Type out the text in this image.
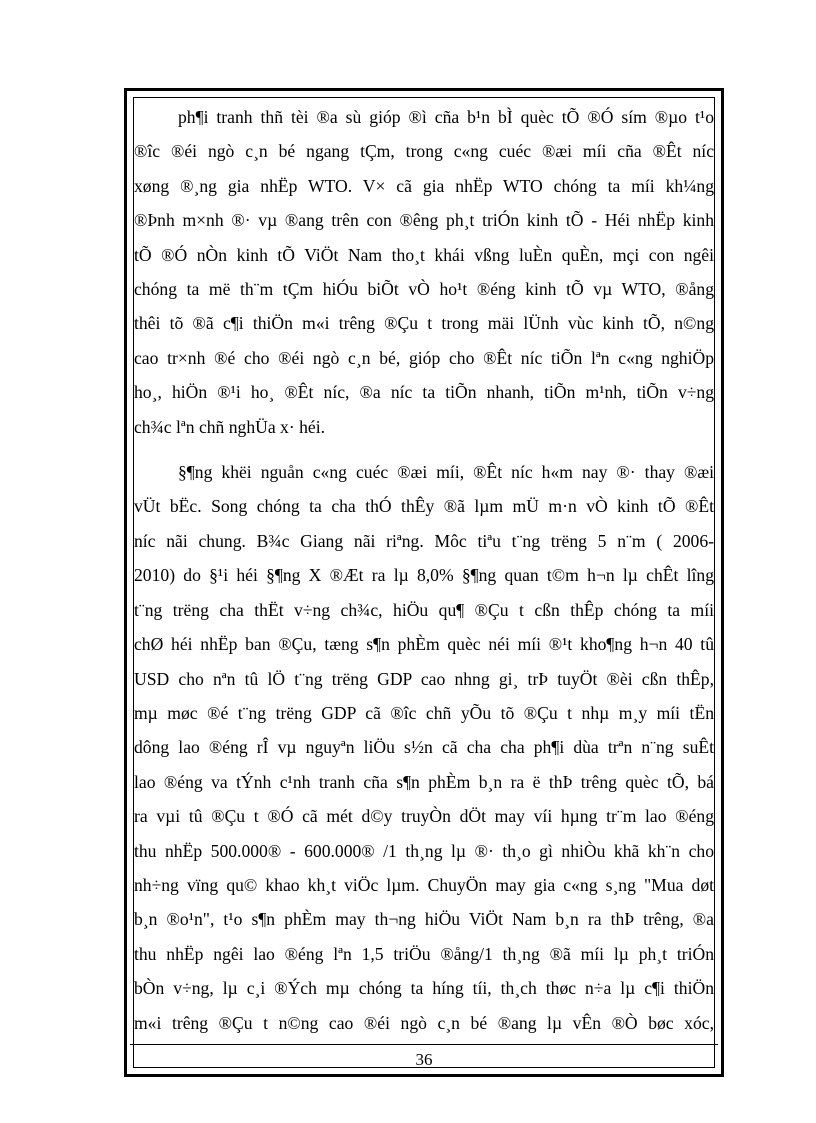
ph¶i tranh thñ tèi ®a sù gióp ®ì cña b¹n bÌ quèc tÕ ®Ó sím ®µo t¹o
®îc ®éi ngò c¸n bé ngang tÇm, trong c«ng cuéc ®æi míi cña ®Êt níc
xøng ®¸ng gia nhËp WTO. V× cã gia nhËp WTO chóng ta míi kh¼ng
®Þnh m×nh ®· vµ ®ang trên con ®êng ph¸t triÓn kinh tÕ - Héi nhËp kinh
tÕ ®Ó nÒn kinh tÕ ViÖt Nam tho¸t khái vßng luÈn quÈn, mçi con ngêi
chóng ta më th¨m tÇm hiÓu biÕt vÒ ho¹t ®éng kinh tÕ vµ WTO, ®ång
thêi tõ ®ã c¶i thiÖn m«i trêng ®Çu t trong mäi lÜnh vùc kinh tÕ, n©ng
cao tr×nh ®é cho ®éi ngò c¸n bé, gióp cho ®Êt níc tiÕn lªn c«ng nghiÖp
ho¸, hiÖn ®¹i ho¸ ®Êt níc, ®a níc ta tiÕn nhanh, tiÕn m¹nh, tiÕn v÷ng
ch¾c lªn chñ nghÜa x· héi.
§¶ng khëi nguån c«ng cuéc ®æi míi, ®Êt níc h«m nay ®· thay ®æi
vÜt bËc. Song chóng ta cha thÓ thÊy ®ã lµm mÜ m·n vÒ kinh tÕ ®Êt
níc nãi chung. B¾c Giang nãi riªng. Môc tiªu t¨ng trëng 5 n¨m ( 2006-
2010) do §¹i héi §¶ng X ®Æt ra lµ 8,0% §¶ng quan t©m h¬n lµ chÊt lîng
t¨ng trëng cha thËt v÷ng ch¾c, hiÖu qu¶ ®Çu t cßn thÊp chóng ta míi
chØ héi nhËp ban ®Çu, tæng s¶n phÈm quèc néi míi ®¹t kho¶ng h¬n 40 tû
USD cho nªn tû lÖ t¨ng trëng GDP cao nhng gi¸ trÞ tuyÖt ®èi cßn thÊp,
mµ møc ®é t¨ng trëng GDP cã ®îc chñ yÕu tõ ®Çu t nhµ m¸y míi tËn
dông lao ®éng rÎ vµ nguyªn liÖu s½n cã cha cha ph¶i dùa trªn n¨ng suÊt
lao ®éng va tÝnh c¹nh tranh cña s¶n phÈm b¸n ra ë thÞ trêng quèc tÕ, bá
ra vµi tû ®Çu t ®Ó cã mét d©y truyÒn dÖt may víi hµng tr¨m lao ®éng
thu nhËp 500.000® - 600.000® /1 th¸ng lµ ®· th¸o gì nhiÒu khã kh¨n cho
nh÷ng vïng qu© khao kh¸t viÖc lµm. ChuyÖn may gia c«ng s¸ng "Mua døt
b¸n ®o¹n", t¹o s¶n phÈm may th¬ng hiÖu ViÖt Nam b¸n ra thÞ trêng, ®a
thu nhËp ngêi lao ®éng lªn 1,5 triÖu ®ång/1 th¸ng ®ã míi lµ ph¸t triÓn
bÒn v÷ng, lµ c¸i ®Ých mµ chóng ta híng tíi, th¸ch thøc n÷a lµ c¶i thiÖn
m«i trêng ®Çu t n©ng cao ®éi ngò c¸n bé ®ang lµ vÊn ®Ò bøc xóc,
36
